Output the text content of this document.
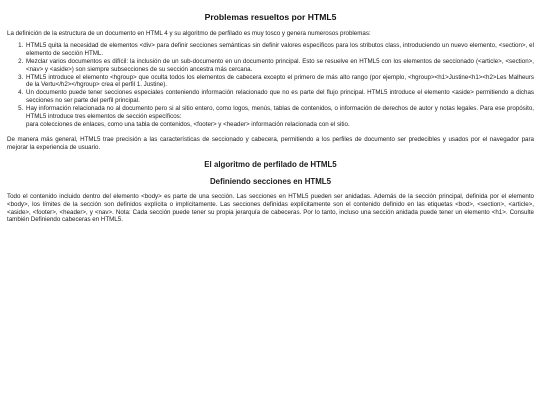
Problemas resueltos por HTML5

La definición de la estructura de un documento en HTML 4 y su algoritmo de perfilado es muy tosco y genera numerosos problemas:

1. HTML5 quita la necesidad de elementos <div> para definir secciones semánticas sin definir valores específicos para los stributos class, introduciendo un nuevo elemento, <section>, el elemento de sección HTML.
2. Mezclar varios documentos es difícil: la inclusión de un sub-documento en un documento principal. Esto se resuelve en HTML5 con los elementos de seccionado (<article>, <section>, <nav> y <aside>) son siempre subsecciones de su sección ancestra más cercana.
3. HTML5 introduce el elemento <hgroup> que oculta todos los elementos de cabecera excepto el primero de más alto rango (por ejemplo, <hgroup><h1>Justine<h1><h2>Les Malheurs de la Vertu</h2></hgroup> crea el perfil 1. Justine).
4. Un documento puede tener secciones especiales conteniendo información relacionado que no es parte del flujo principal. HTML5 introduce el elemento <aside> permitiendo a dichas secciones no ser parte del perfil principal.
5. Hay información relacionada no al documento pero si al sitio entero, como logos, menús, tablas de contenidos, o información de derechos de autor y notas legales. Para ese propósito, HTML5 introduce tres elementos de sección específicos:
para colecciones de enlaces, como una tabla de contenidos, <footer> y <header> información relacionada con el sitio.

De manera más general, HTML5 trae precisión a las características de seccionado y cabecera, permitiendo a los perfiles de documento ser predecibles y usados por el navegador para mejorar la experiencia de usuario.

El algoritmo de perfilado de HTML5
Definiendo secciones en HTML5

Todo el contenido incluido dentro del elemento <body> es parte de una sección. Las secciones en HTML5 pueden ser anidadas. Además de la sección principal, definida por el elemento <body>, los límites de la sección son definidos explícita o implícitamente. Las secciones definidas explícitamente son el contenido definido en las etiquetas <bod>, <section>, <article>, <aside>, <footer>, <header>, y <nav>. Nota: Cada sección puede tener su propia jerarquía de cabeceras. Por lo tanto, incluso una sección anidada puede tener un elemento <h1>. Consulte también Definiendo cabeceras en HTML5.
